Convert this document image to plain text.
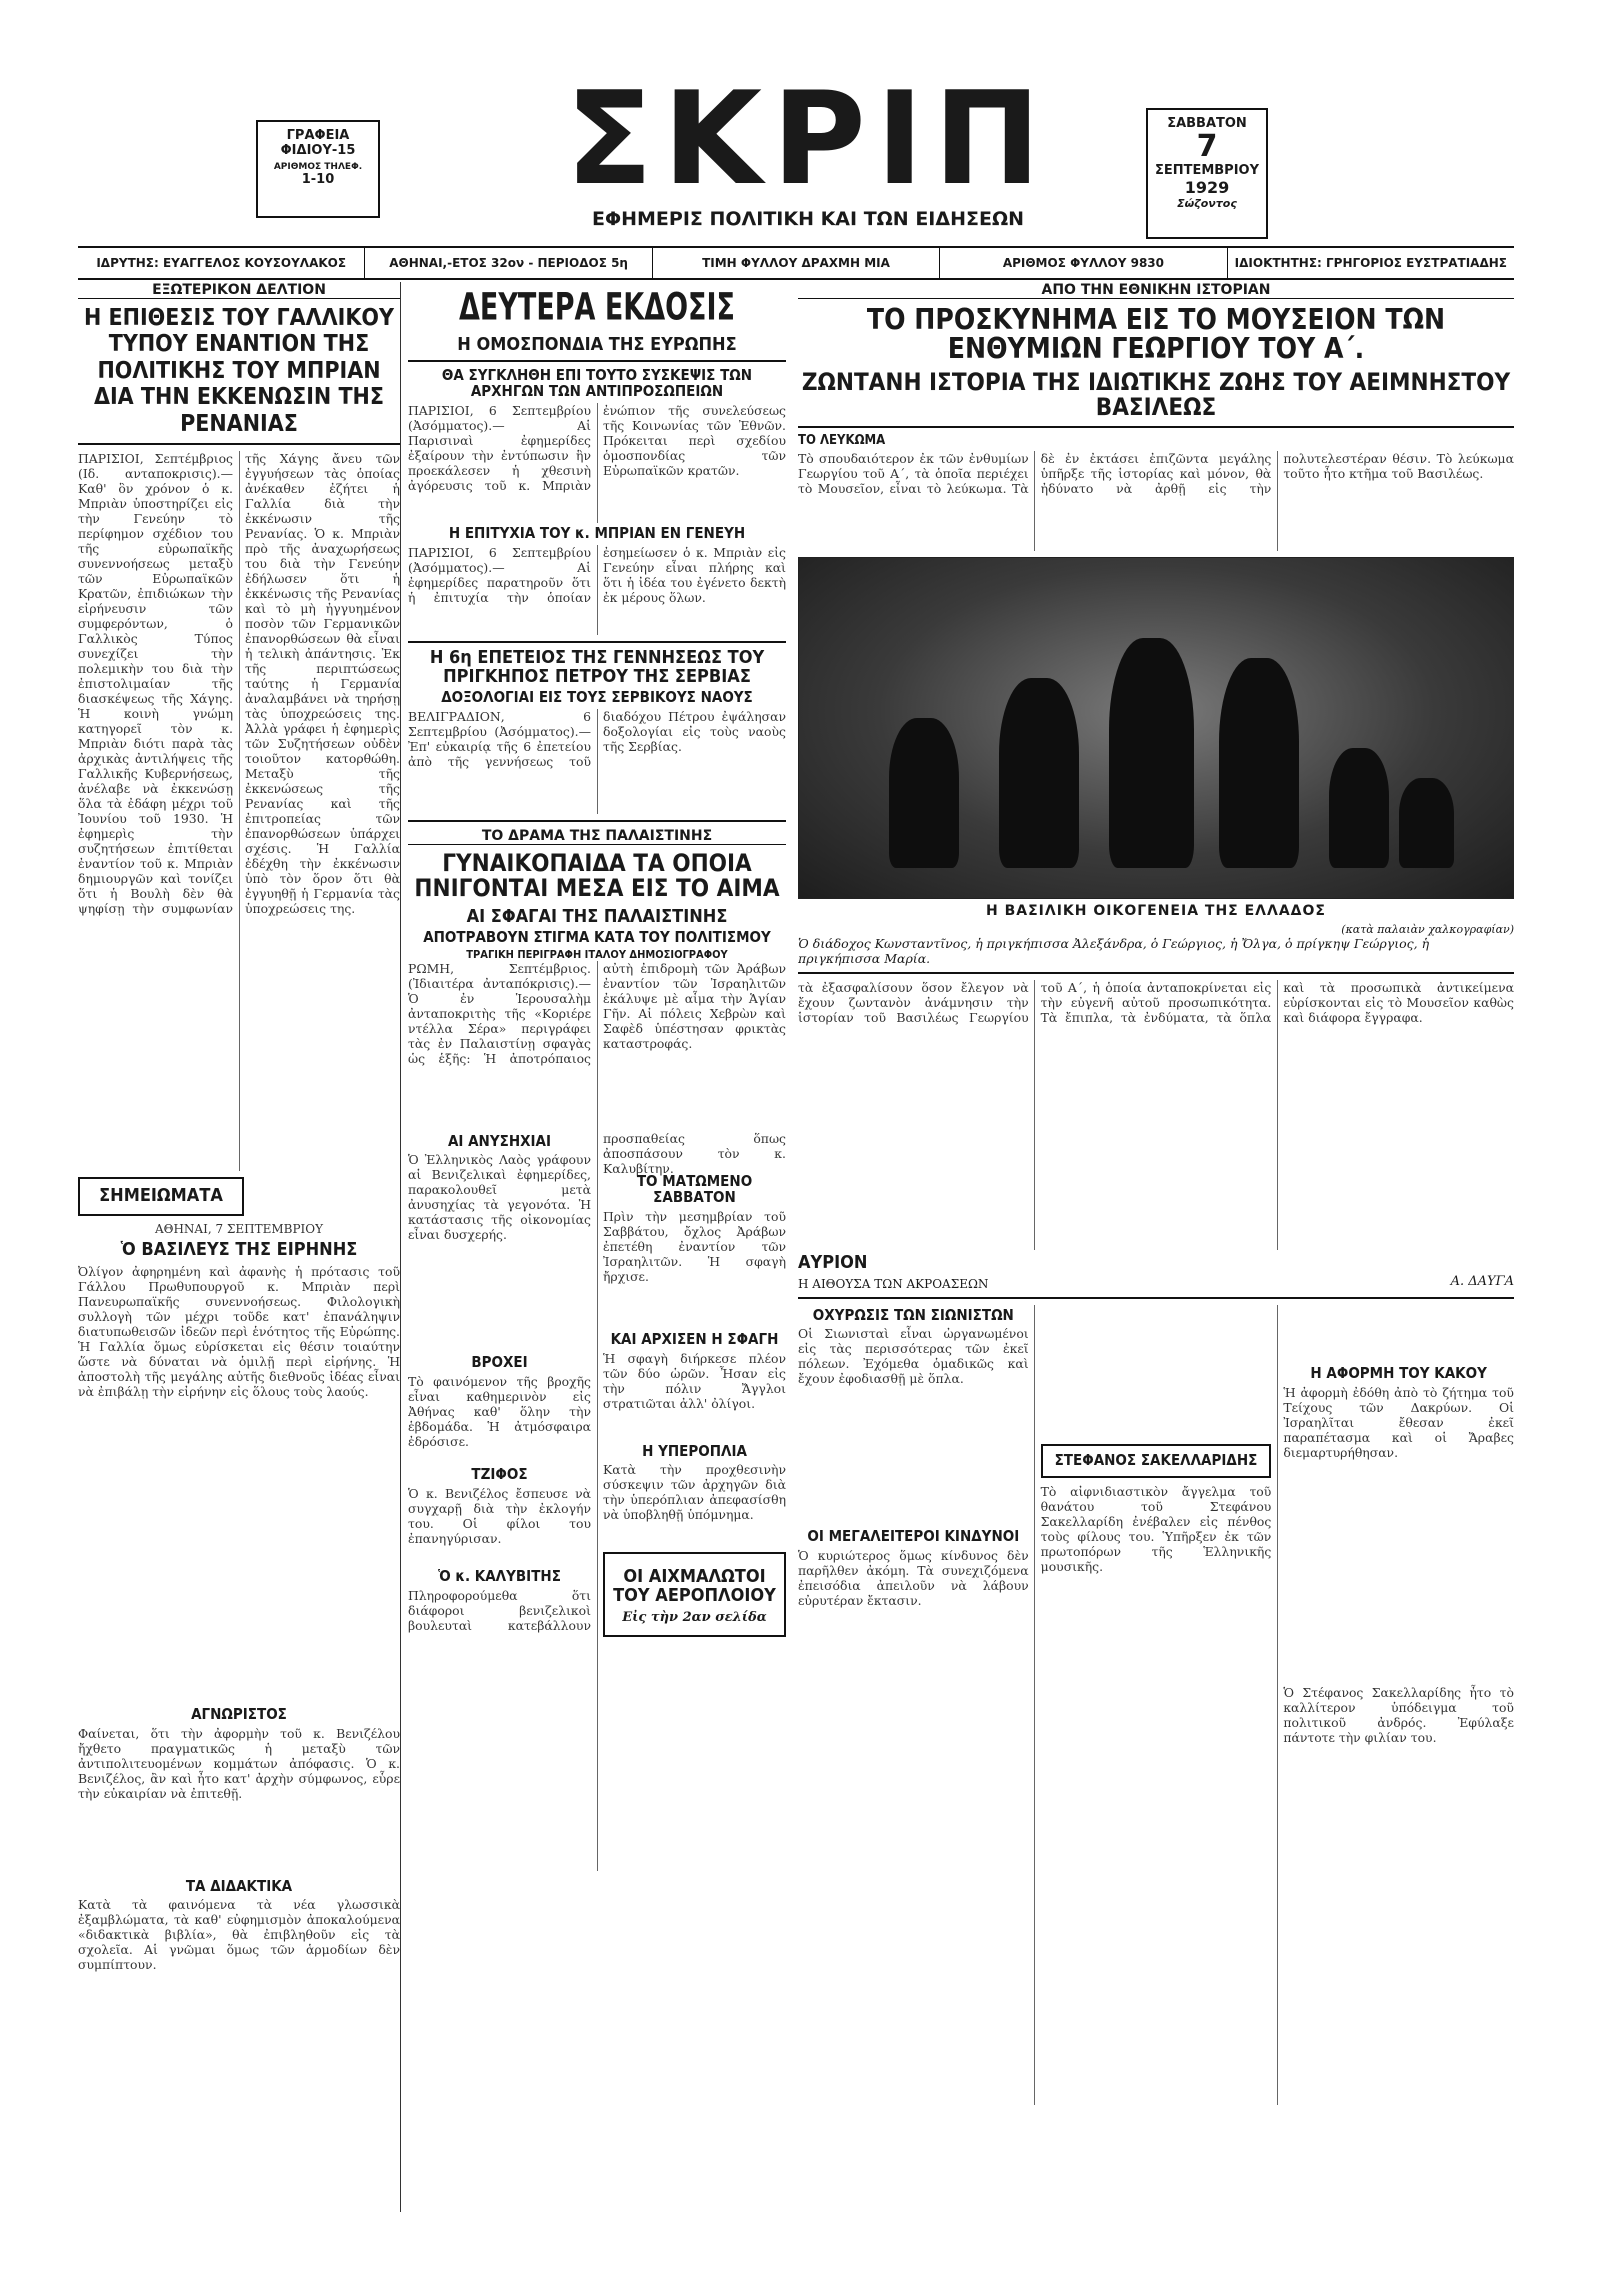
ΓΡΑΦΕΙΑ
ΦΙΔΙΟΥ-15
ΑΡΙΘΜΟΣ ΤΗΛΕΦ.
1-10 ΣΚΡΙΠ
ΕΦΗΜΕΡΙΣ ΠΟΛΙΤΙΚΗ ΚΑΙ ΤΩΝ ΕΙΔΗΣΕΩΝ
ΣΑΒΒΑΤΟΝ
7
ΣΕΠΤΕΜΒΡΙΟΥ
1929
Σώζοντος
ΙΔΡΥΤΗΣ: ΕΥΑΓΓΕΛΟΣ ΚΟΥΣΟΥΛΑΚΟΣ	ΑΘΗΝΑΙ,-ΕΤΟΣ 32ον - ΠΕΡΙΟΔΟΣ 5η	ΤΙΜΗ ΦΥΛΛΟΥ ΔΡΑΧΜΗ ΜΙΑ	ΑΡΙΘΜΟΣ ΦΥΛΛΟΥ 9830	ΙΔΙΟΚΤΗΤΗΣ: ΓΡΗΓΟΡΙΟΣ ΕΥΣΤΡΑΤΙΑΔΗΣ
ΕΞΩΤΕΡΙΚΟΝ ΔΕΛΤΙΟΝ
Η ΕΠΙΘΕΣΙΣ ΤΟΥ ΓΑΛΛΙΚΟΥ ΤΥΠΟΥ ΕΝΑΝΤΙΟΝ ΤΗΣ ΠΟΛΙΤΙΚΗΣ ΤΟΥ ΜΠΡΙΑΝ ΔΙΑ ΤΗΝ ΕΚΚΕΝΩΣΙΝ ΤΗΣ ΡΕΝΑΝΙΑΣ
ΠΑΡΙΣΙΟΙ, Σεπτέμβριος (Ιδ. ανταποκρισις).— Καθ' ὃν χρόνον ὁ κ. Μπριὰν ὑποστηρίζει εἰς τὴν Γενεύην τὸ περίφημον σχέδιον του τῆς εὐρωπαϊκῆς συνεννοήσεως μεταξὺ τῶν Εὐρωπαϊκῶν Κρατῶν, ἐπιδιώκων τὴν εἰρήνευσιν τῶν συμφερόντων, ὁ Γαλλικὸς Τύπος συνεχίζει τὴν πολεμικὴν του διὰ τὴν ἐπιστολιμαίαν τῆς διασκέψεως τῆς Χάγης. Ἡ κοινὴ γνώμη κατηγορεῖ τὸν κ. Μπριὰν διότι παρὰ τὰς ἀρχικὰς ἀντιλήψεις τῆς Γαλλικῆς Κυβερνήσεως, ἀνέλαβε νὰ ἐκκενώσῃ ὅλα τὰ ἐδάφη μέχρι τοῦ Ἰουνίου τοῦ 1930. Ἡ ἐφημερὶς τὴν συζητήσεων ἐπιτίθεται ἐναντίον τοῦ κ. Μπριὰν δημιουργῶν καὶ τονίζει ὅτι ἡ Βουλὴ δὲν θὰ ψηφίσῃ τὴν συμφωνίαν τῆς Χάγης ἄνευ τῶν ἐγγυήσεων τὰς ὁποίας ἀνέκαθεν ἐζήτει ἡ Γαλλία διὰ τὴν ἐκκένωσιν τῆς Ρενανίας. Ὁ κ. Μπριὰν πρὸ τῆς ἀναχωρήσεως του διὰ τὴν Γενεύην ἐδήλωσεν ὅτι ἡ ἐκκένωσις τῆς Ρενανίας καὶ τὸ μὴ ἠγγυημένον ποσὸν τῶν Γερμανικῶν ἐπανορθώσεων θὰ εἶναι ἡ τελικὴ ἀπάντησις. Ἐκ τῆς περιπτώσεως ταύτης ἡ Γερμανία ἀναλαμβάνει νὰ τηρήσῃ τὰς ὑποχρεώσεις της. Ἀλλὰ γράφει ἡ ἐφημερὶς τῶν Συζητήσεων οὐδὲν τοιοῦτον κατορθώθη. Μεταξὺ τῆς ἐκκενώσεως τῆς Ρενανίας καὶ τῆς ἐπιτροπείας τῶν ἐπανορθώσεων ὑπάρχει σχέσις. Ἡ Γαλλία ἐδέχθη τὴν ἐκκένωσιν ὑπὸ τὸν ὅρον ὅτι θὰ ἐγγυηθῇ ἡ Γερμανία τὰς ὑποχρεώσεις της.
ΣΗΜΕΙΩΜΑΤΑ
ΑΘΗΝΑΙ, 7 ΣΕΠΤΕΜΒΡΙΟΥ
Ὁ ΒΑΣΙΛΕΥΣ ΤΗΣ ΕΙΡΗΝΗΣ
Ὀλίγον ἀφηρημένη καὶ ἀφανὴς ἡ πρότασις τοῦ Γάλλου Πρωθυπουργοῦ κ. Μπριὰν περὶ Πανευρωπαϊκῆς συνεννοήσεως. Φιλολογικὴ συλλογὴ τῶν μέχρι τοῦδε κατ' ἐπανάληψιν διατυπωθεισῶν ἰδεῶν περὶ ἑνότητος τῆς Εὐρώπης. Ἡ Γαλλία ὅμως εὑρίσκεται εἰς θέσιν τοιαύτην ὥστε νὰ δύναται νὰ ὁμιλῇ περὶ εἰρήνης. Ἡ ἀποστολὴ τῆς μεγάλης αὐτῆς διεθνοῦς ἰδέας εἶναι νὰ ἐπιβάλῃ τὴν εἰρήνην εἰς ὅλους τοὺς λαούς.
ΑΓΝΩΡΙΣΤΟΣ
Φαίνεται, ὅτι τὴν ἀφορμὴν τοῦ κ. Βενιζέλου ἤχθετο πραγματικῶς ἡ μεταξὺ τῶν ἀντιπολιτευομένων κομμάτων ἀπόφασις. Ὁ κ. Βενιζέλος, ἂν καὶ ἦτο κατ' ἀρχὴν σύμφωνος, εὗρε τὴν εὐκαιρίαν νὰ ἐπιτεθῇ.
ΤΑ ΔΙΔΑΚΤΙΚΑ
Κατὰ τὰ φαινόμενα τὰ νέα γλωσσικὰ ἐξαμβλώματα, τὰ καθ' εὐφημισμὸν ἀποκαλούμενα «διδακτικὰ βιβλία», θὰ ἐπιβληθοῦν εἰς τὰ σχολεῖα. Αἱ γνῶμαι ὅμως τῶν ἁρμοδίων δὲν συμπίπτουν.
ΔΕΥΤΕΡΑ ΕΚΔΟΣΙΣ
Η ΟΜΟΣΠΟΝΔΙΑ ΤΗΣ ΕΥΡΩΠΗΣ
ΘΑ ΣΥΓΚΛΗΘΗ ΕΠΙ ΤΟΥΤΟ ΣΥΣΚΕΨΙΣ ΤΩΝ ΑΡΧΗΓΩΝ ΤΩΝ ΑΝΤΙΠΡΟΣΩΠΕΙΩΝ
ΠΑΡΙΣΙΟΙ, 6 Σεπτεμβρίου (Ἀσόμματος).— Αἱ Παρισιναὶ ἐφημερίδες ἐξαίρουν τὴν ἐντύπωσιν ἣν προεκάλεσεν ἡ χθεσινὴ ἀγόρευσις τοῦ κ. Μπριὰν ἐνώπιον τῆς συνελεύσεως τῆς Κοινωνίας τῶν Ἐθνῶν. Πρόκειται περὶ σχεδίου ὁμοσπονδίας τῶν Εὐρωπαϊκῶν κρατῶν.
Η ΕΠΙΤΥΧΙΑ ΤΟΥ κ. ΜΠΡΙΑΝ ΕΝ ΓΕΝΕΥΗ
ΠΑΡΙΣΙΟΙ, 6 Σεπτεμβρίου (Ἀσόμματος).— Αἱ ἐφημερίδες παρατηροῦν ὅτι ἡ ἐπιτυχία τὴν ὁποίαν ἐσημείωσεν ὁ κ. Μπριὰν εἰς Γενεύην εἶναι πλήρης καὶ ὅτι ἡ ἰδέα του ἐγένετο δεκτὴ ἐκ μέρους ὅλων.
Η 6η ΕΠΕΤΕΙΟΣ ΤΗΣ ΓΕΝΝΗΣΕΩΣ ΤΟΥ ΠΡΙΓΚΗΠΟΣ ΠΕΤΡΟΥ ΤΗΣ ΣΕΡΒΙΑΣ
ΔΟΞΟΛΟΓΙΑΙ ΕΙΣ ΤΟΥΣ ΣΕΡΒΙΚΟΥΣ ΝΑΟΥΣ
ΒΕΛΙΓΡΑΔΙΟΝ, 6 Σεπτεμβρίου (Ἀσόμματος).— Ἐπ' εὐκαιρίᾳ τῆς 6 ἐπετείου ἀπὸ τῆς γεννήσεως τοῦ διαδόχου Πέτρου ἐψάλησαν δοξολογίαι εἰς τοὺς ναοὺς τῆς Σερβίας.
ΤΟ ΔΡΑΜΑ ΤΗΣ ΠΑΛΑΙΣΤΙΝΗΣ
ΓΥΝΑΙΚΟΠΑΙΔΑ ΤΑ ΟΠΟΙΑ ΠΝΙΓΟΝΤΑΙ ΜΕΣΑ ΕΙΣ ΤΟ ΑΙΜΑ
ΑΙ ΣΦΑΓΑΙ ΤΗΣ ΠΑΛΑΙΣΤΙΝΗΣ
ΑΠΟΤΡΑΒΟΥΝ ΣΤΙΓΜΑ ΚΑΤΑ ΤΟΥ ΠΟΛΙΤΙΣΜΟΥ
ΤΡΑΓΙΚΗ ΠΕΡΙΓΡΑΦΗ ΙΤΑΛΟΥ ΔΗΜΟΣΙΟΓΡΑΦΟΥ
ΡΩΜΗ, Σεπτέμβριος. (Ἰδιαιτέρα ἀνταπόκρισις).— Ὁ ἐν Ἱερουσαλὴμ ἀνταποκριτὴς τῆς «Κοριέρε ντέλλα Σέρα» περιγράφει τὰς ἐν Παλαιστίνῃ σφαγὰς ὡς ἑξῆς: Ἡ ἀποτρόπαιος αὐτὴ ἐπιδρομὴ τῶν Ἀράβων ἐναντίον τῶν Ἰσραηλιτῶν ἐκάλυψε μὲ αἷμα τὴν Ἁγίαν Γῆν. Αἱ πόλεις Χεβρὼν καὶ Σαφὲδ ὑπέστησαν φρικτὰς καταστροφάς.
ΑΙ ΑΝΥΣΗΧΙΑΙ
Ὁ Ἐλληνικὸς Λαὸς γράφουν αἱ Βενιζελικαὶ ἐφημερίδες, παρακολουθεῖ μετὰ ἀνυσηχίας τὰ γεγονότα. Ἡ κατάστασις τῆς οἰκονομίας εἶναι δυσχερής.
ΒΡΟΧΕΙ
Τὸ φαινόμενον τῆς βροχῆς εἶναι καθημερινὸν εἰς Ἀθήνας καθ' ὅλην τὴν ἑβδομάδα. Ἡ ἀτμόσφαιρα ἐδρόσισε.
ΤΖΙΦΟΣ
Ὁ κ. Βενιζέλος ἔσπευσε νὰ συγχαρῇ διὰ τὴν ἐκλογήν του. Οἱ φίλοι του ἐπανηγύρισαν.
Ὁ κ. ΚΑΛΥΒΙΤΗΣ
Πληροφορούμεθα ὅτι διάφοροι βενιζελικοὶ βουλευταὶ κατεβάλλουν προσπαθείας ὅπως ἀποσπάσουν τὸν κ. Καλυβίτην.
ΤΟ ΜΑΤΩΜΕΝΟ ΣΑΒΒΑΤΟΝ
Πρὶν τὴν μεσημβρίαν τοῦ Σαββάτου, ὄχλος Ἀράβων ἐπετέθη ἐναντίον τῶν Ἰσραηλιτῶν. Ἡ σφαγὴ ἤρχισε.
ΚΑΙ ΑΡΧΙΣΕΝ Η ΣΦΑΓΗ
Ἡ σφαγὴ διήρκεσε πλέον τῶν δύο ὡρῶν. Ἦσαν εἰς τὴν πόλιν Ἄγγλοι στρατιῶται ἀλλ' ὀλίγοι.
Η ΥΠΕΡΟΠΛΙΑ
Κατὰ τὴν προχθεσινὴν σύσκεψιν τῶν ἀρχηγῶν διὰ τὴν ὑπερόπλιαν ἀπεφασίσθη νὰ ὑποβληθῇ ὑπόμνημα.
ΟΙ ΑΙΧΜΑΛΩΤΟΙ ΤΟΥ ΑΕΡΟΠΛΟΙΟΥ
Εἰς τὴν 2αν σελίδα
ΑΠΟ ΤΗΝ ΕΘΝΙΚΗΝ ΙΣΤΟΡΙΑΝ
ΤΟ ΠΡΟΣΚΥΝΗΜΑ ΕΙΣ ΤΟ ΜΟΥΣΕΙΟΝ ΤΩΝ ΕΝΘΥΜΙΩΝ ΓΕΩΡΓΙΟΥ ΤΟΥ Α΄.
ΖΩΝΤΑΝΗ ΙΣΤΟΡΙΑ ΤΗΣ ΙΔΙΩΤΙΚΗΣ ΖΩΗΣ ΤΟΥ ΑΕΙΜΝΗΣΤΟΥ ΒΑΣΙΛΕΩΣ
ΤΟ ΛΕΥΚΩΜΑ
Τὸ σπουδαιότερον ἐκ τῶν ἐνθυμίων Γεωργίου τοῦ Α΄, τὰ ὁποῖα περιέχει τὸ Μουσεῖον, εἶναι τὸ λεύκωμα. Τὰ δὲ ἐν ἐκτάσει ἐπιζῶντα μεγάλης ὑπῆρξε τῆς ἱστορίας καὶ μόνον, θὰ ἠδύνατο νὰ ἀρθῇ εἰς τὴν πολυτελεστέραν θέσιν. Τὸ λεύκωμα τοῦτο ἦτο κτῆμα τοῦ Βασιλέως.
Η ΒΑΣΙΛΙΚΗ ΟΙΚΟΓΕΝΕΙΑ ΤΗΣ ΕΛΛΑΔΟΣ
(κατὰ παλαιὰν χαλκογραφίαν)
Ὁ διάδοχος Κωνσταντῖνος, ἡ πριγκήπισσα Ἀλεξάνδρα, ὁ Γεώργιος, ἡ Ὄλγα, ὁ πρίγκηψ Γεώργιος, ἡ πριγκήπισσα Μαρία.
τὰ ἐξασφαλίσουν ὅσον ἔλεγον νὰ ἔχουν ζωντανὸν ἀνάμνησιν τὴν ἱστορίαν τοῦ Βασιλέως Γεωργίου τοῦ Α΄, ἡ ὁποία ἀνταποκρίνεται εἰς τὴν εὐγενῆ αὐτοῦ προσωπικότητα. Τὰ ἔπιπλα, τὰ ἐνδύματα, τὰ ὅπλα καὶ τὰ προσωπικὰ ἀντικείμενα εὑρίσκονται εἰς τὸ Μουσεῖον καθὼς καὶ διάφορα ἔγγραφα.
ΑΥΡΙΟΝ
Η ΑΙΘΟΥΣΑ ΤΩΝ ΑΚΡΟΑΣΕΩΝ	Α. ΔΑΥΓΑ
ΟΧΥΡΩΣΙΣ ΤΩΝ ΣΙΩΝΙΣΤΩΝ
Οἱ Σιωνισταὶ εἶναι ὠργανωμένοι εἰς τὰς περισσότερας τῶν ἐκεῖ πόλεων. Ἐχόμεθα ὁμαδικῶς καὶ ἔχουν ἐφοδιασθῇ μὲ ὅπλα.
ΟΙ ΜΕΓΑΛΕΙΤΕΡΟΙ ΚΙΝΔΥΝΟΙ
Ὁ κυριώτερος ὅμως κίνδυνος δὲν παρῆλθεν ἀκόμη. Τὰ συνεχιζόμενα ἐπεισόδια ἀπειλοῦν νὰ λάβουν εὐρυτέραν ἔκτασιν.
ΣΤΕΦΑΝΟΣ ΣΑΚΕΛΛΑΡΙΔΗΣ
Τὸ αἰφνιδιαστικὸν ἄγγελμα τοῦ θανάτου τοῦ Στεφάνου Σακελλαρίδη ἐνέβαλεν εἰς πένθος τοὺς φίλους του. Ὑπῆρξεν ἐκ τῶν πρωτοπόρων τῆς Ἑλληνικῆς μουσικῆς.
Η ΑΦΟΡΜΗ ΤΟΥ ΚΑΚΟΥ
Ἡ ἀφορμὴ ἐδόθη ἀπὸ τὸ ζήτημα τοῦ Τείχους τῶν Δακρύων. Οἱ Ἰσραηλῖται ἔθεσαν ἐκεῖ παραπέτασμα καὶ οἱ Ἄραβες διεμαρτυρήθησαν.
Ὁ Στέφανος Σακελλαρίδης ἦτο τὸ καλλίτερον ὑπόδειγμα τοῦ πολιτικοῦ ἀνδρός. Ἐφύλαξε πάντοτε τὴν φιλίαν του.
